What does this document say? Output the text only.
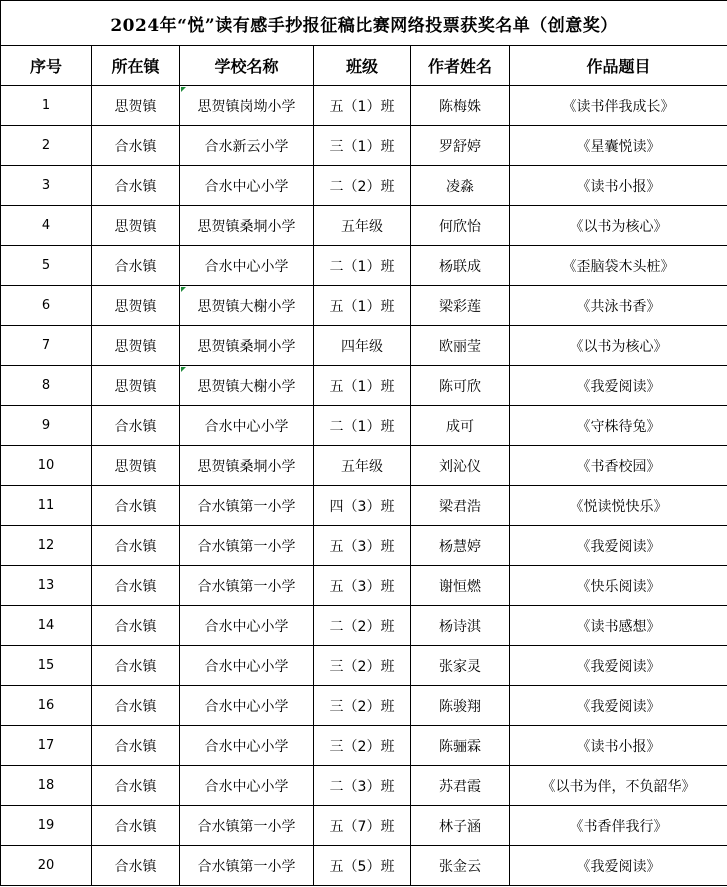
2024年“悦”读有感手抄报征稿比赛网络投票获奖名单（创意奖）					
序号	所在镇	学校名称	班级	作者姓名	作品题目
1	思贺镇	思贺镇岗坳小学	五（1）班	陈梅姝	《读书伴我成长》
2	合水镇	合水新云小学	三（1）班	罗舒婷	《星囊悦读》
3	合水镇	合水中心小学	二（2）班	凌淼	《读书小报》
4	思贺镇	思贺镇桑垌小学	五年级	何欣怡	《以书为核心》
5	合水镇	合水中心小学	二（1）班	杨联成	《歪脑袋木头桩》
6	思贺镇	思贺镇大榭小学	五（1）班	梁彩莲	《共泳书香》
7	思贺镇	思贺镇桑垌小学	四年级	欧丽莹	《以书为核心》
8	思贺镇	思贺镇大榭小学	五（1）班	陈可欣	《我爱阅读》
9	合水镇	合水中心小学	二（1）班	成可	《守株待兔》
10	思贺镇	思贺镇桑垌小学	五年级	刘沁仪	《书香校园》
11	合水镇	合水镇第一小学	四（3）班	梁君浩	《悦读悦快乐》
12	合水镇	合水镇第一小学	五（3）班	杨慧婷	《我爱阅读》
13	合水镇	合水镇第一小学	五（3）班	谢恒燃	《快乐阅读》
14	合水镇	合水中心小学	二（2）班	杨诗淇	《读书感想》
15	合水镇	合水中心小学	三（2）班	张家灵	《我爱阅读》
16	合水镇	合水中心小学	三（2）班	陈骏翔	《我爱阅读》
17	合水镇	合水中心小学	三（2）班	陈骊霖	《读书小报》
18	合水镇	合水中心小学	二（3）班	苏君霞	《以书为伴，不负韶华》
19	合水镇	合水镇第一小学	五（7）班	林子涵	《书香伴我行》
20	合水镇	合水镇第一小学	五（5）班	张金云	《我爱阅读》
